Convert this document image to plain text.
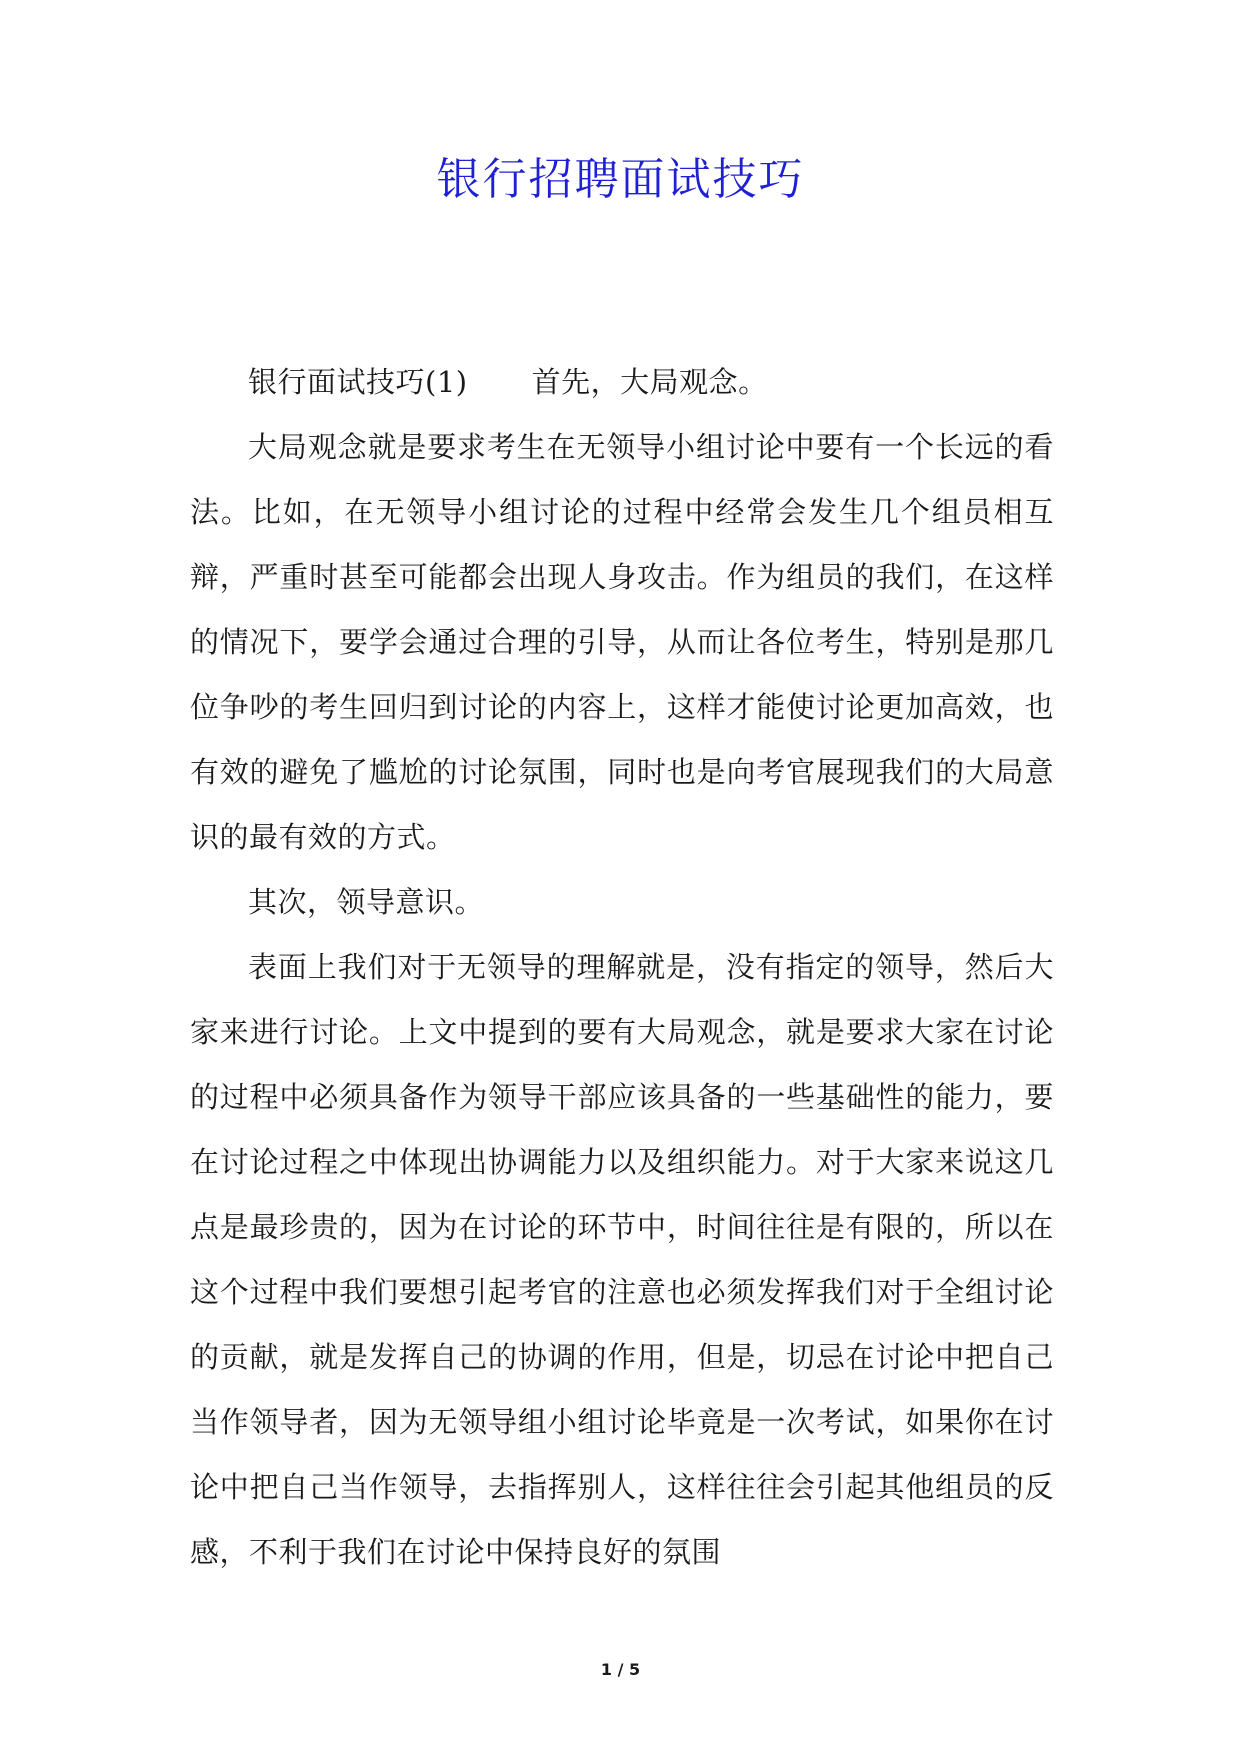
银行招聘面试技巧

银行面试技巧(1) 首先，大局观念。

大局观念就是要求考生在无领导小组讨论中要有一个长远的看法。比如，在无领导小组讨论的过程中经常会发生几个组员相互辩，严重时甚至可能都会出现人身攻击。作为组员的我们，在这样的情况下，要学会通过合理的引导，从而让各位考生，特别是那几位争吵的考生回归到讨论的内容上，这样才能使讨论更加高效，也有效的避免了尴尬的讨论氛围，同时也是向考官展现我们的大局意识的最有效的方式。

其次，领导意识。

表面上我们对于无领导的理解就是，没有指定的领导，然后大家来进行讨论。上文中提到的要有大局观念，就是要求大家在讨论的过程中必须具备作为领导干部应该具备的一些基础性的能力，要在讨论过程之中体现出协调能力以及组织能力。对于大家来说这几点是最珍贵的，因为在讨论的环节中，时间往往是有限的，所以在这个过程中我们要想引起考官的注意也必须发挥我们对于全组讨论的贡献，就是发挥自己的协调的作用，但是，切忌在讨论中把自己当作领导者，因为无领导组小组讨论毕竟是一次考试，如果你在讨论中把自己当作领导，去指挥别人，这样往往会引起其他组员的反感，不利于我们在讨论中保持良好的氛围

1 / 5
